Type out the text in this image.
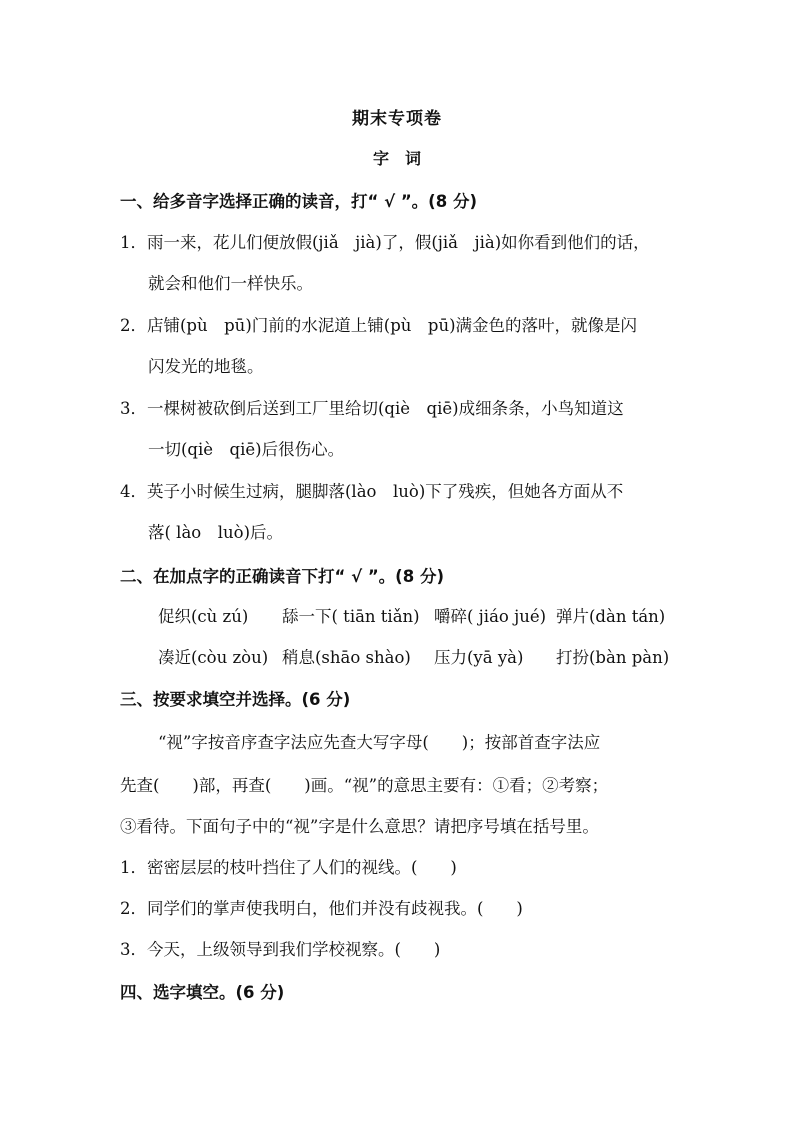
期末专项卷
字　词
一、给多音字选择正确的读音，打“ √ ”。(8 分)
1．雨一来，花儿们便放假(jiǎ　jià)了，假(jiǎ　jià)如你看到他们的话，
就会和他们一样快乐。
2．店铺(pù　pū)门前的水泥道上铺(pù　pū)满金色的落叶，就像是闪
闪发光的地毯。
3．一棵树被砍倒后送到工厂里给切(qiè　qiē)成细条条，小鸟知道这
一切(qiè　qiē)后很伤心。
4．英子小时候生过病，腿脚落(lào　luò)下了残疾，但她各方面从不
落( lào　luò)后。
二、在加点字的正确读音下打“ √ ”。(8 分)
促织(cù zú) 舔一下( tiān tiǎn) 嚼碎( jiáo jué) 弹片(dàn tán)
凑近(còu zòu) 稍息(shāo shào) 压力(yā yà) 打扮(bàn pàn)
三、按要求填空并选择。(6 分)
“视”字按音序查字法应先查大写字母(　　)；按部首查字法应
先查(　　)部，再查(　　)画。“视”的意思主要有：①看；②考察；
③看待。下面句子中的“视”字是什么意思？请把序号填在括号里。
1．密密层层的枝叶挡住了人们的视线。(　　)
2．同学们的掌声使我明白，他们并没有歧视我。(　　)
3．今天，上级领导到我们学校视察。(　　)
四、选字填空。(6 分)
